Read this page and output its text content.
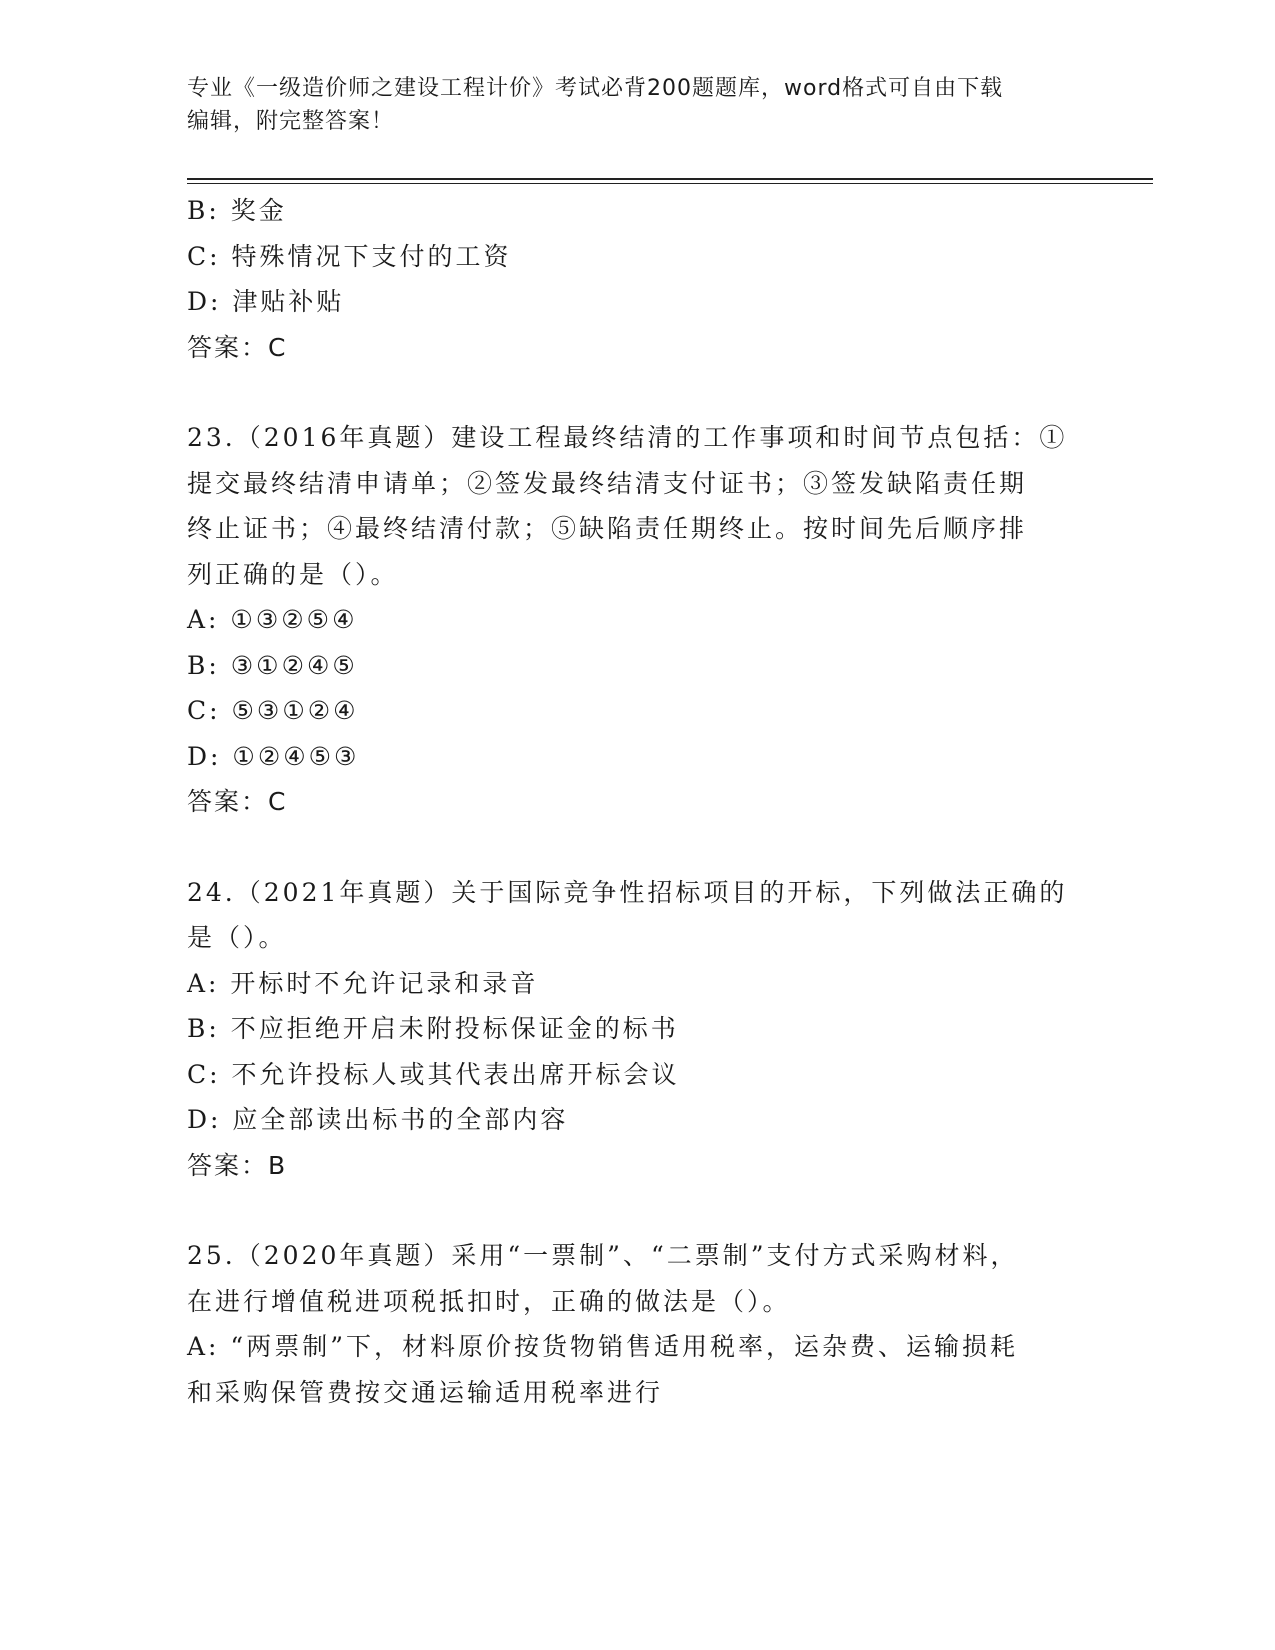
专业《一级造价师之建设工程计价》考试必背200题题库，word格式可自由下载
编辑，附完整答案！
B: 奖金
C: 特殊情况下支付的工资
D: 津贴补贴
答案：C
23.（2016年真题）建设工程最终结清的工作事项和时间节点包括：①
提交最终结清申请单；②签发最终结清支付证书；③签发缺陷责任期
终止证书；④最终结清付款；⑤缺陷责任期终止。按时间先后顺序排
列正确的是（）。
A: ①③②⑤④
B: ③①②④⑤
C: ⑤③①②④
D: ①②④⑤③
答案：C
24.（2021年真题）关于国际竞争性招标项目的开标，下列做法正确的
是（）。
A: 开标时不允许记录和录音
B: 不应拒绝开启未附投标保证金的标书
C: 不允许投标人或其代表出席开标会议
D: 应全部读出标书的全部内容
答案：B
25.（2020年真题）采用“一票制”、“二票制”支付方式采购材料，
在进行增值税进项税抵扣时，正确的做法是（）。
A: “两票制”下，材料原价按货物销售适用税率，运杂费、运输损耗
和采购保管费按交通运输适用税率进行
